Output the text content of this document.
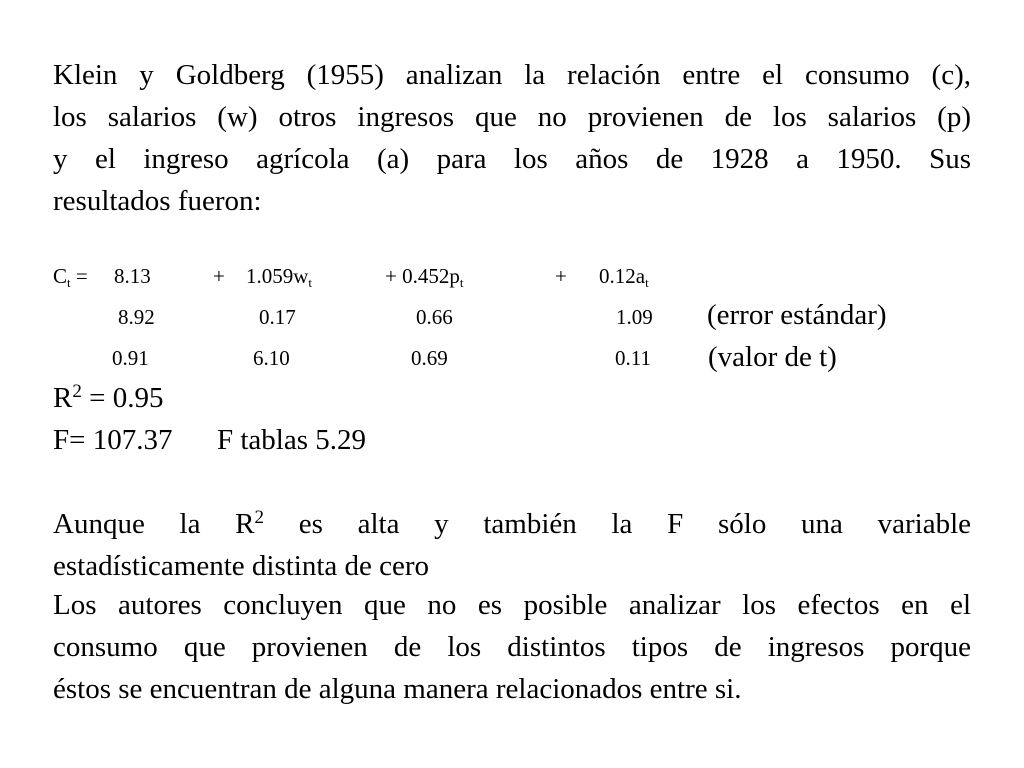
Klein y Goldberg (1955) analizan la relación entre el consumo (c),
los salarios (w) otros ingresos que no provienen de los salarios (p)
y el ingreso agrícola (a) para los años de 1928 a 1950. Sus
resultados fueron:
$C_t = 8.13$	+ $1.059w_t$	+ $0.452p_t$	+ $0.12a_t$
8.92	0.17	0.66	1.09 (error estándar)
0.91	6.10	0.69	0.11 (valor de t)
$R^2 = 0.95$
F= 107.37 F tablas 5.29
Aunque la $R^2$ es alta y también la F sólo una variable
estadísticamente distinta de cero
Los autores concluyen que no es posible analizar los efectos en el
consumo que provienen de los distintos tipos de ingresos porque
éstos se encuentran de alguna manera relacionados entre si.
